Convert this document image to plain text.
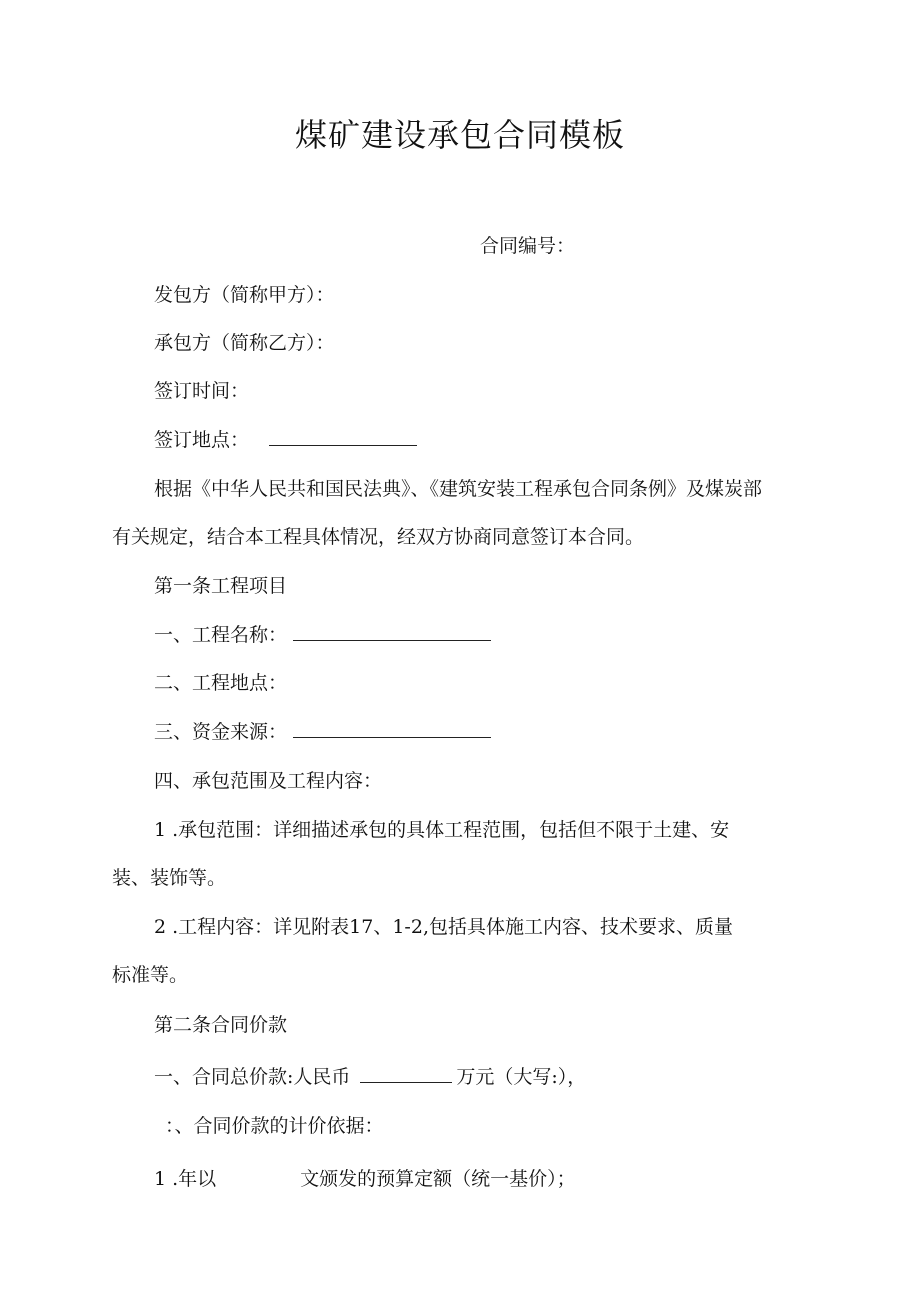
煤矿建设承包合同模板
合同编号：
发包方（简称甲方）：
承包方（简称乙方）：
签订时间：
签订地点：
根据《中华人民共和国民法典》、《建筑安装工程承包合同条例》及煤炭部
有关规定，结合本工程具体情况，经双方协商同意签订本合同。
第一条工程项目
一、工程名称：
二、工程地点：
三、资金来源：
四、承包范围及工程内容：
1 .承包范围：详细描述承包的具体工程范围，包括但不限于土建、安
装、装饰等。
2 .工程内容：详见附表17、1-2,包括具体施工内容、技术要求、质量
标准等。
第二条合同价款
一、合同总价款:人民币	万元（大写:），
：、合同价款的计价依据：
1 .年以	文颁发的预算定额（统一基价）；
